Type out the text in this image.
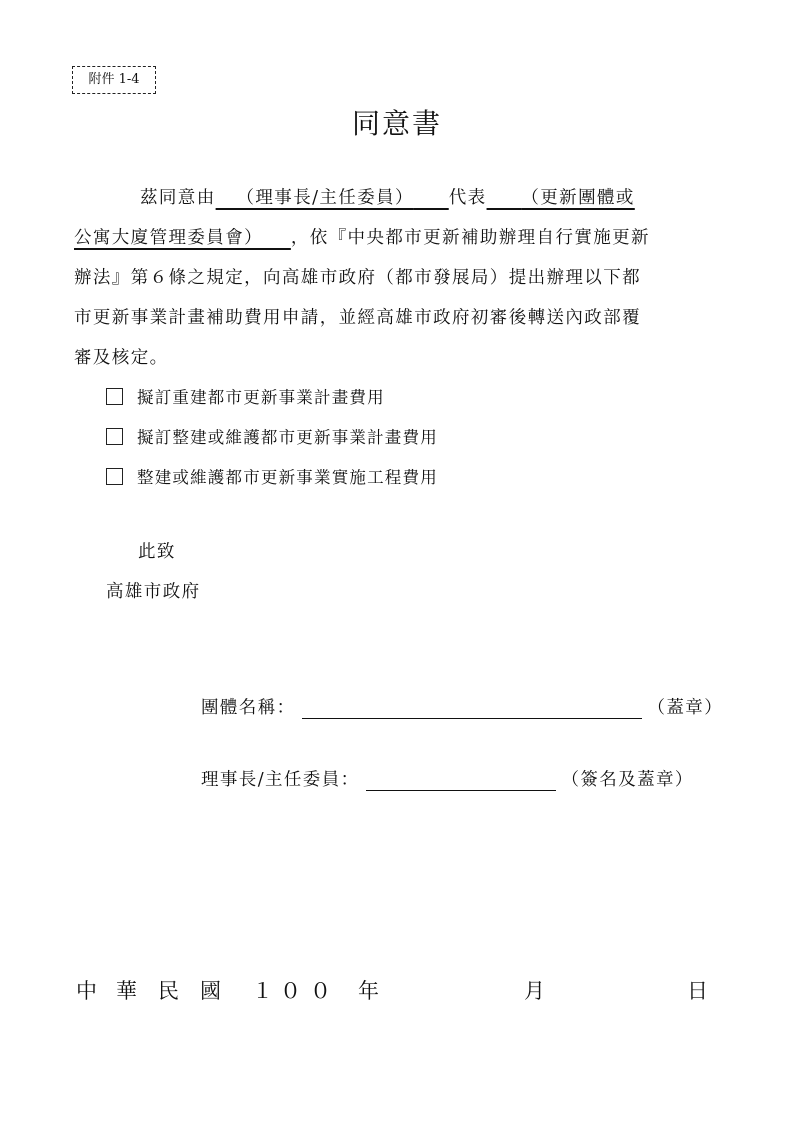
附件 1-4
同意書
茲同意由 （理事長/主任委員） 代表 （更新團體或
公寓大廈管理委員會） ，依『中央都市更新補助辦理自行實施更新
辦法』第６條之規定，向高雄市政府（都市發展局）提出辦理以下都
市更新事業計畫補助費用申請，並經高雄市政府初審後轉送內政部覆
審及核定。
擬訂重建都市更新事業計畫費用
擬訂整建或維護都市更新事業計畫費用
整建或維護都市更新事業實施工程費用
此致
高雄市政府
團體名稱：	（蓋章）
理事長/主任委員：	（簽名及蓋章）
中 華 民 國 １ ０ ０ 年	月	日
